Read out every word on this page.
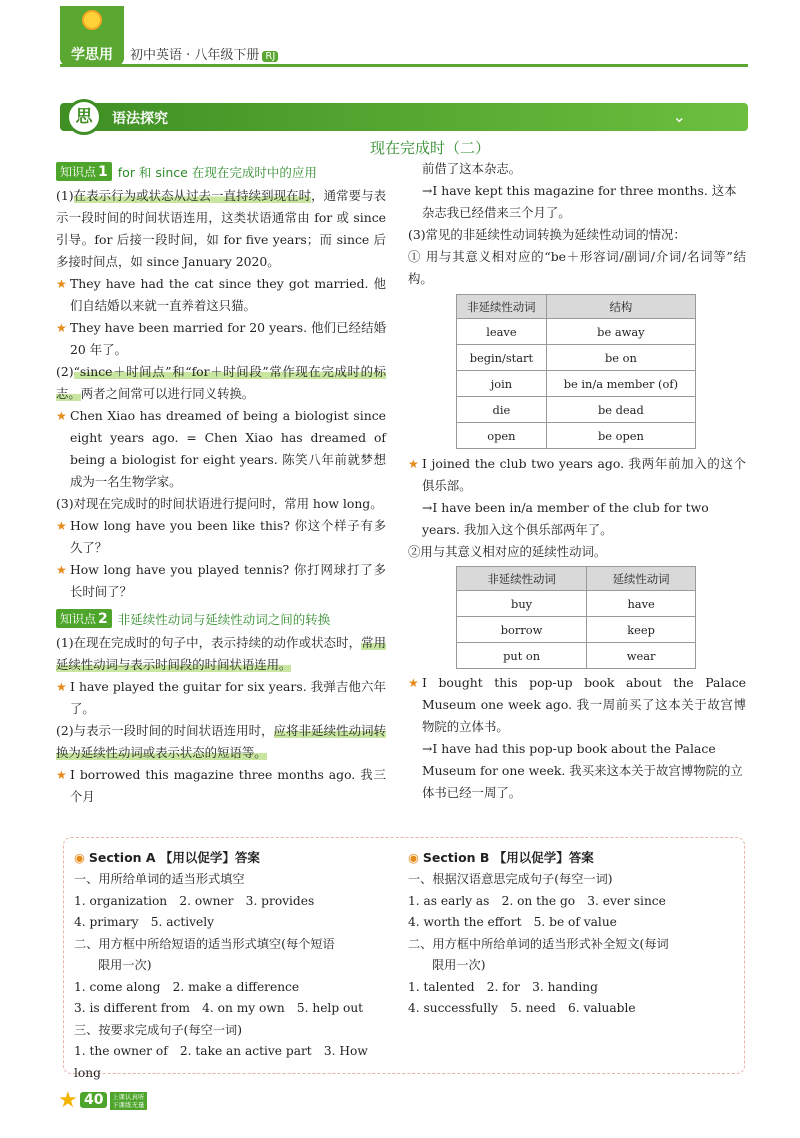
学思用	初中英语 · 八年级下册 RJ
思	语法探究	⌄
现在完成时（二）
知识点 1 for 和 since 在现在完成时中的应用

(1)在表示行为或状态从过去一直持续到现在时，通常要与表示一段时间的时间状语连用，这类状语通常由 for 或 since 引导。for 后接一段时间，如 for five years；而 since 后多接时间点，如 since January 2020。

★ They have had the cat since they got married. 他们自结婚以来就一直养着这只猫。
★ They have been married for 20 years. 他们已经结婚 20 年了。

(2)“since＋时间点”和“for＋时间段”常作现在完成时的标志。两者之间常可以进行同义转换。

★ Chen Xiao has dreamed of being a biologist since eight years ago. = Chen Xiao has dreamed of being a biologist for eight years. 陈笑八年前就梦想成为一名生物学家。

(3)对现在完成时的时间状语进行提问时，常用 how long。

★ How long have you been like this? 你这个样子有多久了？
★ How long have you played tennis? 你打网球打了多长时间了？
知识点 2 非延续性动词与延续性动词之间的转换

(1)在现在完成时的句子中，表示持续的动作或状态时，常用延续性动词与表示时间段的时间状语连用。

★ I have played the guitar for six years. 我弹吉他六年了。

(2)与表示一段时间的时间状语连用时，应将非延续性动词转换为延续性动词或表示状态的短语等。

★ I borrowed this magazine three months ago. 我三个月
前借了这本杂志。
→I have kept this magazine for three months. 这本杂志我已经借来三个月了。

(3)常见的非延续性动词转换为延续性动词的情况：

① 用与其意义相对应的“be＋形容词/副词/介词/名词等”结构。

非延续性动词	结构
leave	be away
begin/start	be on
join	be in/a member (of)
die	be dead
open	be open
★ I joined the club two years ago. 我两年前加入的这个俱乐部。
→I have been in/a member of the club for two years. 我加入这个俱乐部两年了。

②用与其意义相对应的延续性动词。

非延续性动词	延续性动词
buy	have
borrow	keep
put on	wear
★ I bought this pop-up book about the Palace Museum one week ago. 我一周前买了这本关于故宫博物院的立体书。
→I have had this pop-up book about the Palace Museum for one week. 我买来这本关于故宫博物院的立体书已经一周了。
◉ Section A 【用以促学】答案
一、用所给单词的适当形式填空
1. organization　2. owner　3. provides
4. primary　5. actively
二、用方框中所给短语的适当形式填空(每个短语
限用一次)
1. come along　2. make a difference
3. is different from　4. on my own　5. help out
三、按要求完成句子(每空一词)
1. the owner of　2. take an active part　3. How long
◉ Section B 【用以促学】答案
一、根据汉语意思完成句子(每空一词)
1. as early as　2. on the go　3. ever since
4. worth the effort　5. be of value
二、用方框中所给单词的适当形式补全短文(每词
限用一次)
1. talented　2. for　3. handing
4. successfully　5. need　6. valuable
★ 40	上课认真听
下课练无量
